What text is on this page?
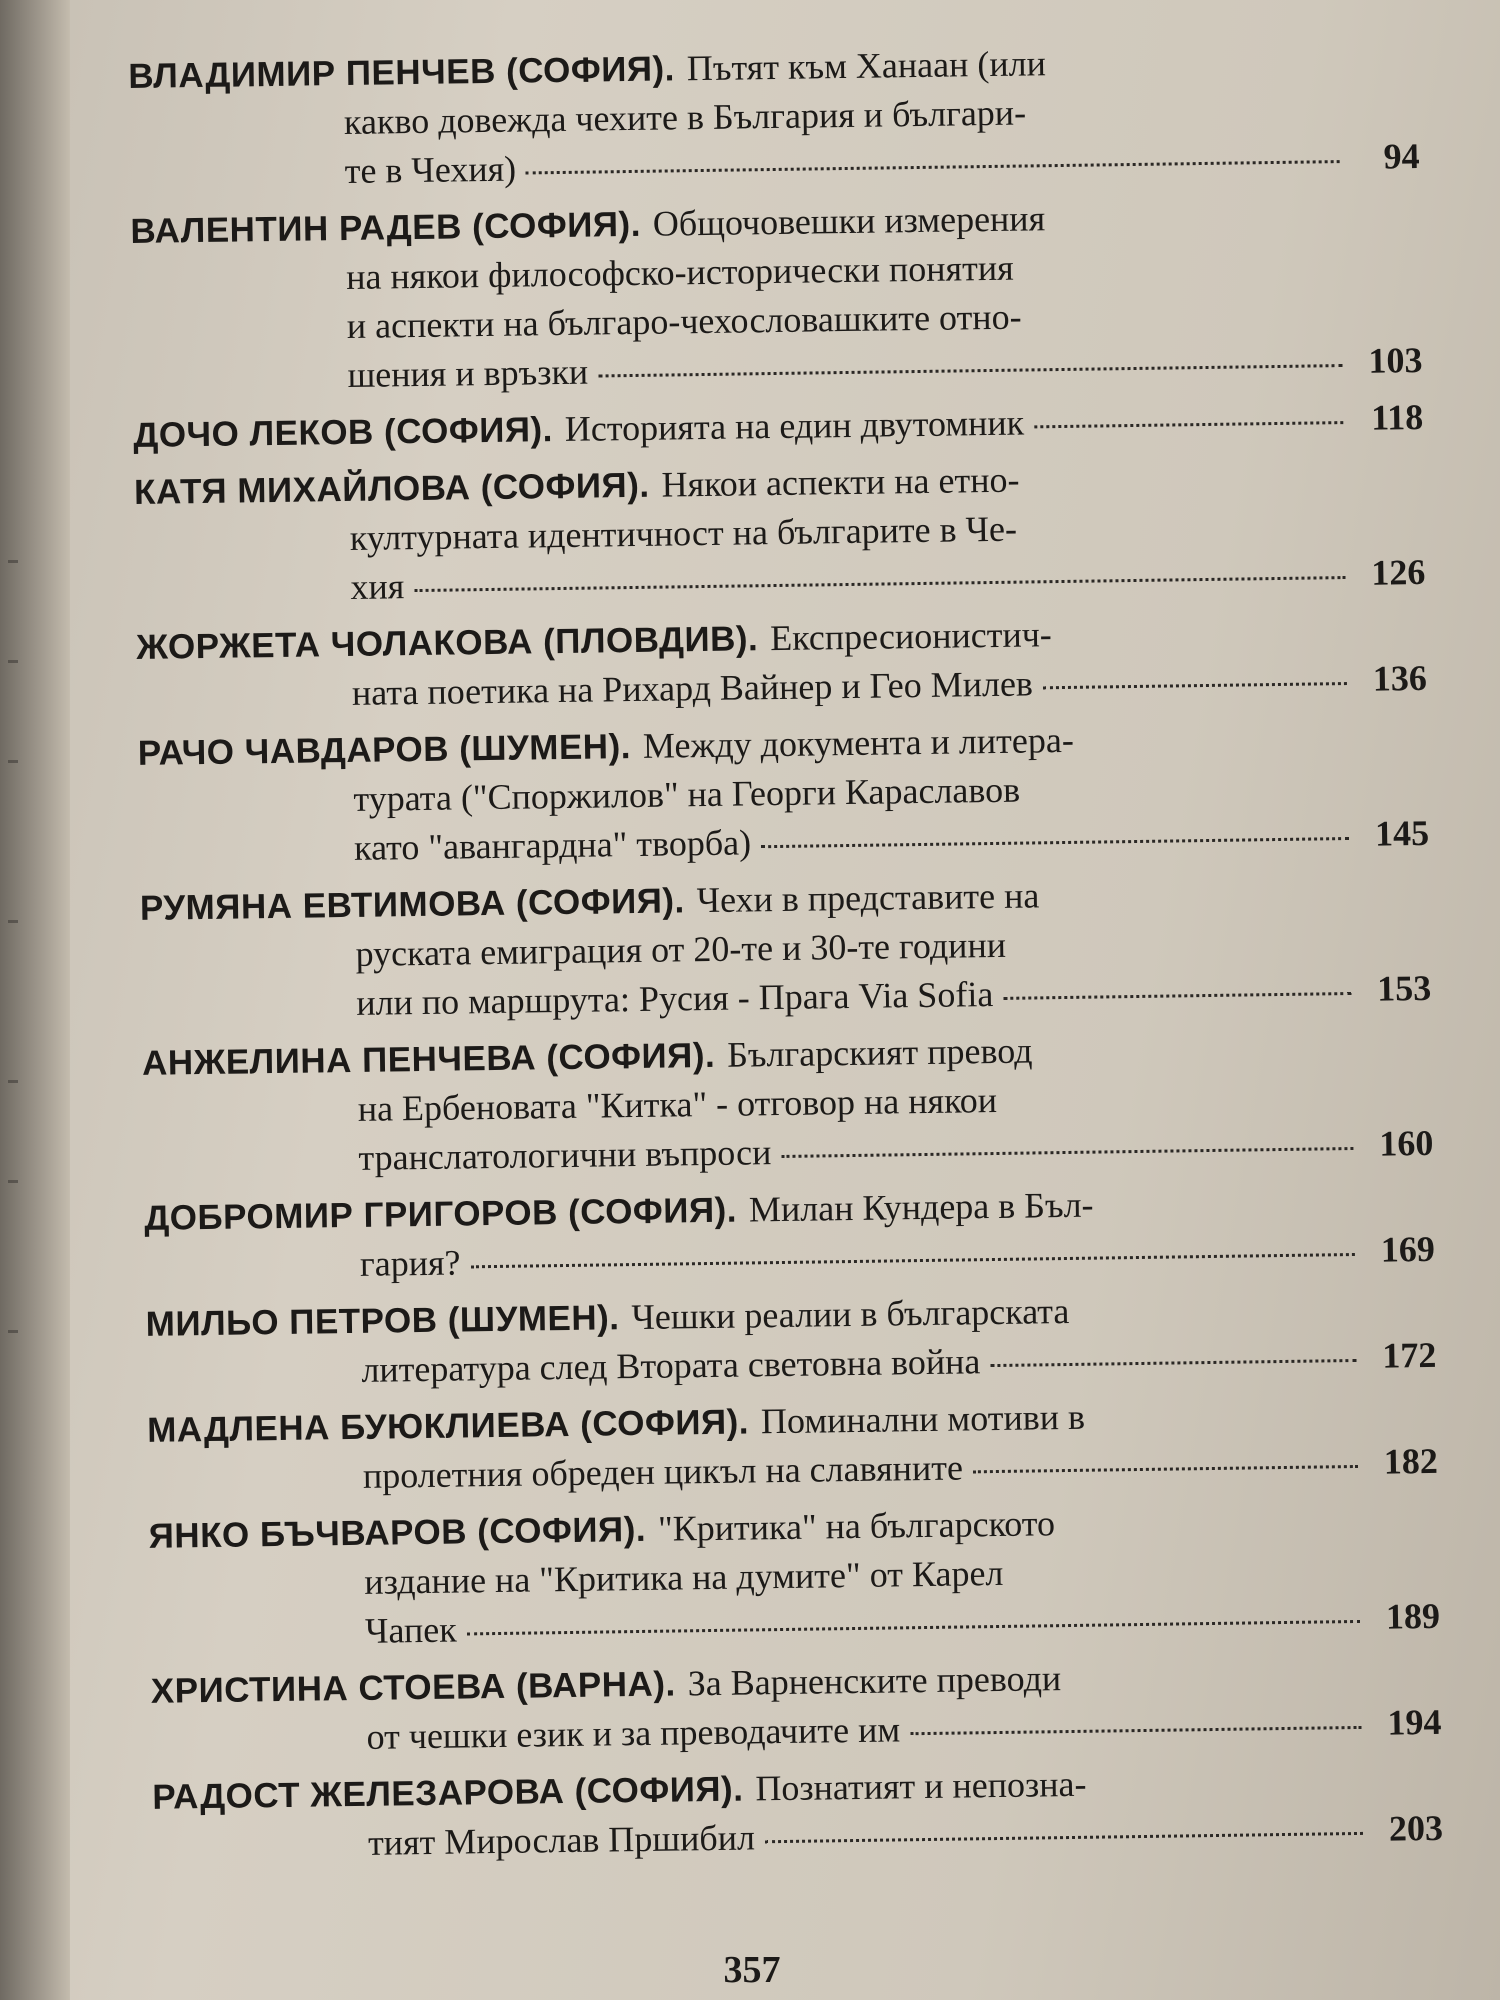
ВЛАДИМИР ПЕНЧЕВ (СОФИЯ). Пътят към Ханаан (или
какво довежда чехите в България и българи-
те в Чехия)	94
ВАЛЕНТИН РАДЕВ (СОФИЯ). Общочовешки измерения
на някои философско-исторически понятия
и аспекти на българо-чехословашките отно-
шения и връзки	103
ДОЧО ЛЕКОВ (СОФИЯ). Историята на един двутомник	118
КАТЯ МИХАЙЛОВА (СОФИЯ). Някои аспекти на етно-
културната идентичност на българите в Че-
хия	126
ЖОРЖЕТА ЧОЛАКОВА (ПЛОВДИВ). Експресионистич-
ната поетика на Рихард Вайнер и Гео Милев	136
РАЧО ЧАВДАРОВ (ШУМЕН). Между документа и литера-
турата ("Споржилов" на Георги Караславов
като "авангардна" творба)	145
РУМЯНА ЕВТИМОВА (СОФИЯ). Чехи в представите на
руската емиграция от 20-те и 30-те години
или по маршрута: Русия - Прага Via Sofia	153
АНЖЕЛИНА ПЕНЧЕВА (СОФИЯ). Българският превод
на Ербеновата "Китка" - отговор на някои
транслатологични въпроси	160
ДОБРОМИР ГРИГОРОВ (СОФИЯ). Милан Кундера в Бъл-
гария?	169
МИЛЬО ПЕТРОВ (ШУМЕН). Чешки реалии в българската
литература след Втората световна война	172
МАДЛЕНА БУЮКЛИЕВА (СОФИЯ). Поминални мотиви в
пролетния обреден цикъл на славяните	182
ЯНКО БЪЧВАРОВ (СОФИЯ). "Критика" на българското
издание на "Критика на думите" от Карел
Чапек	189
ХРИСТИНА СТОЕВА (ВАРНА). За Варненските преводи
от чешки език и за преводачите им	194
РАДОСТ ЖЕЛЕЗАРОВА (СОФИЯ). Познатият и непозна-
тият Мирослав Пршибил	203
357
